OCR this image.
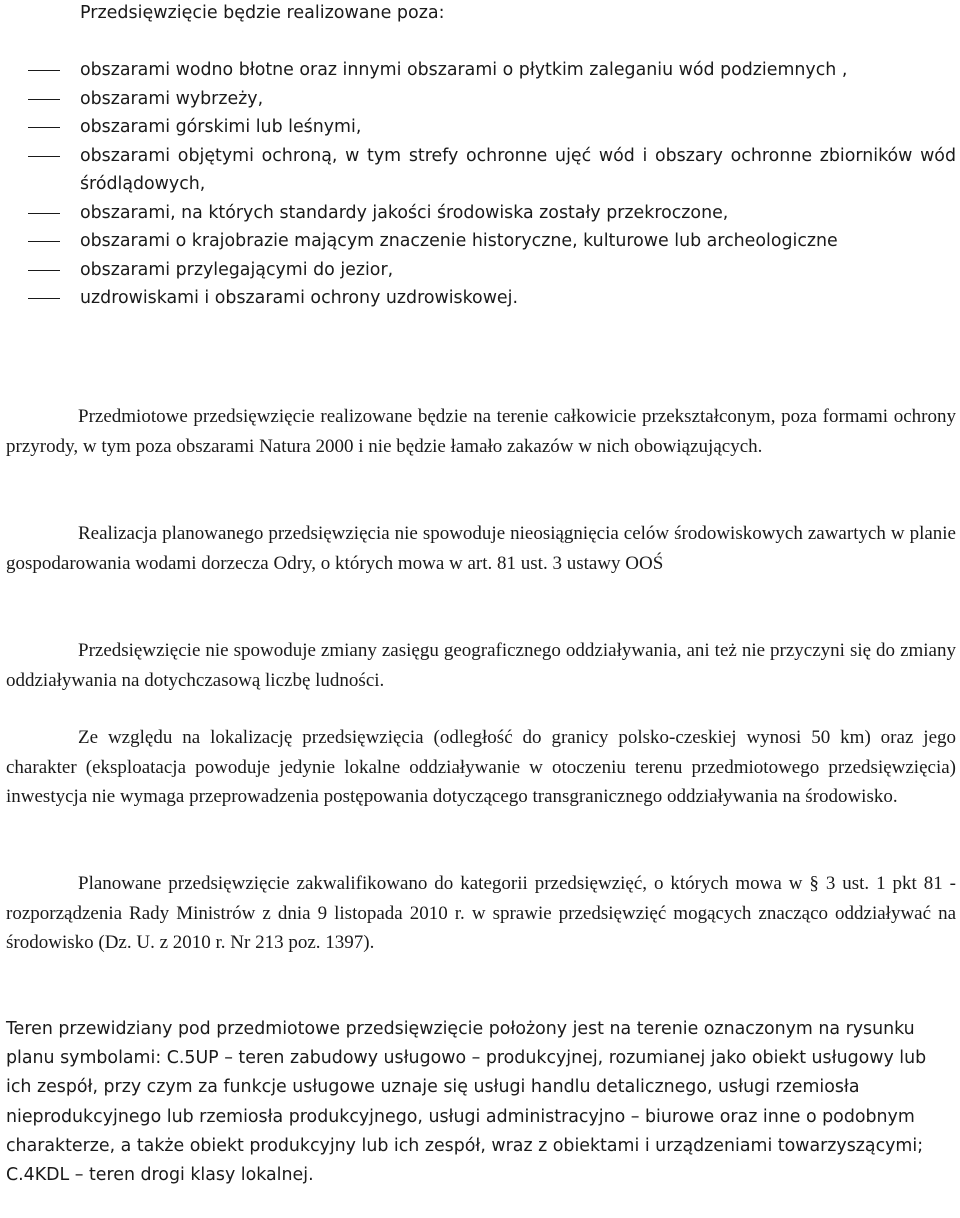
Przedsięwzięcie będzie realizowane poza:
obszarami wodno błotne oraz innymi obszarami o płytkim zaleganiu wód podziemnych ,
obszarami wybrzeży,
obszarami górskimi lub leśnymi,
obszarami objętymi ochroną, w tym strefy ochronne ujęć wód i obszary ochronne zbiorników wód śródlądowych,
obszarami, na których standardy jakości środowiska zostały przekroczone,
obszarami o krajobrazie mającym znaczenie historyczne, kulturowe lub archeologiczne
obszarami przylegającymi do jezior,
uzdrowiskami i obszarami ochrony uzdrowiskowej.

Przedmiotowe przedsięwzięcie realizowane będzie na terenie całkowicie przekształconym, poza formami ochrony przyrody, w tym poza obszarami Natura 2000 i nie będzie łamało zakazów w nich obowiązujących.

Realizacja planowanego przedsięwzięcia nie spowoduje nieosiągnięcia celów środowiskowych zawartych w planie gospodarowania wodami dorzecza Odry, o których mowa w art. 81 ust. 3 ustawy OOŚ

Przedsięwzięcie nie spowoduje zmiany zasięgu geograficznego oddziaływania, ani też nie przyczyni się do zmiany oddziaływania na dotychczasową liczbę ludności.

Ze względu na lokalizację przedsięwzięcia (odległość do granicy polsko-czeskiej wynosi 50 km) oraz jego charakter (eksploatacja powoduje jedynie lokalne oddziaływanie w otoczeniu terenu przedmiotowego przedsięwzięcia) inwestycja nie wymaga przeprowadzenia postępowania dotyczącego transgranicznego oddziaływania na środowisko.

Planowane przedsięwzięcie zakwalifikowano do kategorii przedsięwzięć, o których mowa w § 3 ust. 1 pkt 81 - rozporządzenia Rady Ministrów z dnia 9 listopada 2010 r. w sprawie przedsięwzięć mogących znacząco oddziaływać na środowisko (Dz. U. z 2010 r. Nr 213 poz. 1397).

Teren przewidziany pod przedmiotowe przedsięwzięcie położony jest na terenie oznaczonym na rysunku planu symbolami: C.5UP – teren zabudowy usługowo – produkcyjnej, rozumianej jako obiekt usługowy lub ich zespół, przy czym za funkcje usługowe uznaje się usługi handlu detalicznego, usługi rzemiosła nieprodukcyjnego lub rzemiosła produkcyjnego, usługi administracyjno – biurowe oraz inne o podobnym charakterze, a także obiekt produkcyjny lub ich zespół, wraz z obiektami i urządzeniami towarzyszącymi; C.4KDL – teren drogi klasy lokalnej.
